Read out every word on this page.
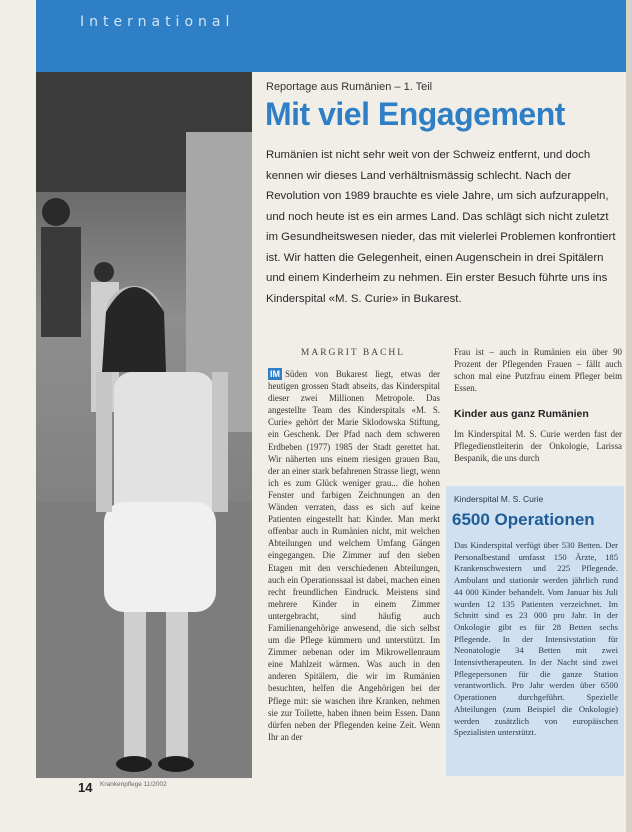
International
Reportage aus Rumänien – 1. Teil
Mit viel Engagement
Rumänien ist nicht sehr weit von der Schweiz entfernt, und doch kennen wir dieses Land verhältnismässig schlecht. Nach der Revolution von 1989 brauchte es viele Jahre, um sich aufzurappeln, und noch heute ist es ein armes Land. Das schlägt sich nicht zuletzt im Gesundheitswesen nieder, das mit vielerlei Problemen konfrontiert ist. Wir hatten die Gelegenheit, einen Augenschein in drei Spitälern und einem Kinderheim zu nehmen. Ein erster Besuch führte uns ins Kinderspital «M. S. Curie» in Bukarest.
MARGRIT BACHL
IM Süden von Bukarest liegt, etwas der heutigen grossen Stadt abseits, das Kinderspital dieser zwei Millionen Metropole. Das angestellte Team des Kinderspitals «M. S. Curie» gehört der Marie Sklodowska Stiftung, ein Geschenk. Der Pfad nach dem schweren Erdbeben (1977) 1985 der Stadt gerettet hat. Wir näherten uns einem riesigen grauen Bau, der an einer stark befahrenen Strasse liegt, wenn ich es zum Glück weniger grau... die hohen Fenster und farbigen Zeichnungen an den Wänden verraten, dass es sich auf keine Patienten eingestellt hat: Kinder. Man merkt offenbar auch in Rumänien nicht, mit welchen Abteilungen und welchem Umfang Gängen eingegangen. Die Zimmer auf den sieben Etagen mit den verschiedenen Abteilungen, auch ein Operationssaal ist dabei, machen einen recht freundlichen Eindruck. Meistens sind mehrere Kinder in einem Zimmer untergebracht, sind häufig auch Familienangehörige anwesend, die sich selbst um die Pflege kümmern und unterstützt. Im Zimmer nebenan oder im Mikrowellenraum eine Mahlzeit wärmen. Was auch in den anderen Spitälern, die wir im Rumänien besuchten, helfen die Angehörigen bei der Pflege mit: sie waschen ihre Kranken, nehmen sie zur Toilette, haben ihnen beim Essen. Dann dürfen neben der Pflegenden keine Zeit. Wenn Ihr an der
Frau ist – auch in Rumänien ein über 90 Prozent der Pflegenden Frauen – fällt auch schon mal eine Putzfrau einem Pfleger beim Essen.
Kinder aus ganz Rumänien
Im Kinderspital M. S. Curie werden fast der Pflegedienstleiterin der Onkologie, Larissa Bespanik, die uns durch
Kinderspital M. S. Curie
6500 Operationen
Das Kinderspital verfügt über 530 Betten. Der Personalbestand umfasst 150 Ärzte, 185 Krankenschwestern und 225 Pflegende. Ambulant und stationär werden jährlich rund 44 000 Kinder behandelt. Vom Januar bis Juli wurden 12 135 Patienten verzeichnet. Im Schnitt sind es 23 000 pro Jahr. In der Onkologie gibt es für 28 Betten sechs Pflegende. In der Intensivstation für Neonatologie 34 Betten mit zwei Intensivtherapeuten. In der Nacht sind zwei Pflegepersonen für die ganze Station verantwortlich. Pro Jahr werden über 6500 Operationen durchgeführt. Spezielle Abteilungen (zum Beispiel die Onkologie) werden zusätzlich von europäischen Spezialisten unterstützt.
14 Krankenpflege 11/2002
